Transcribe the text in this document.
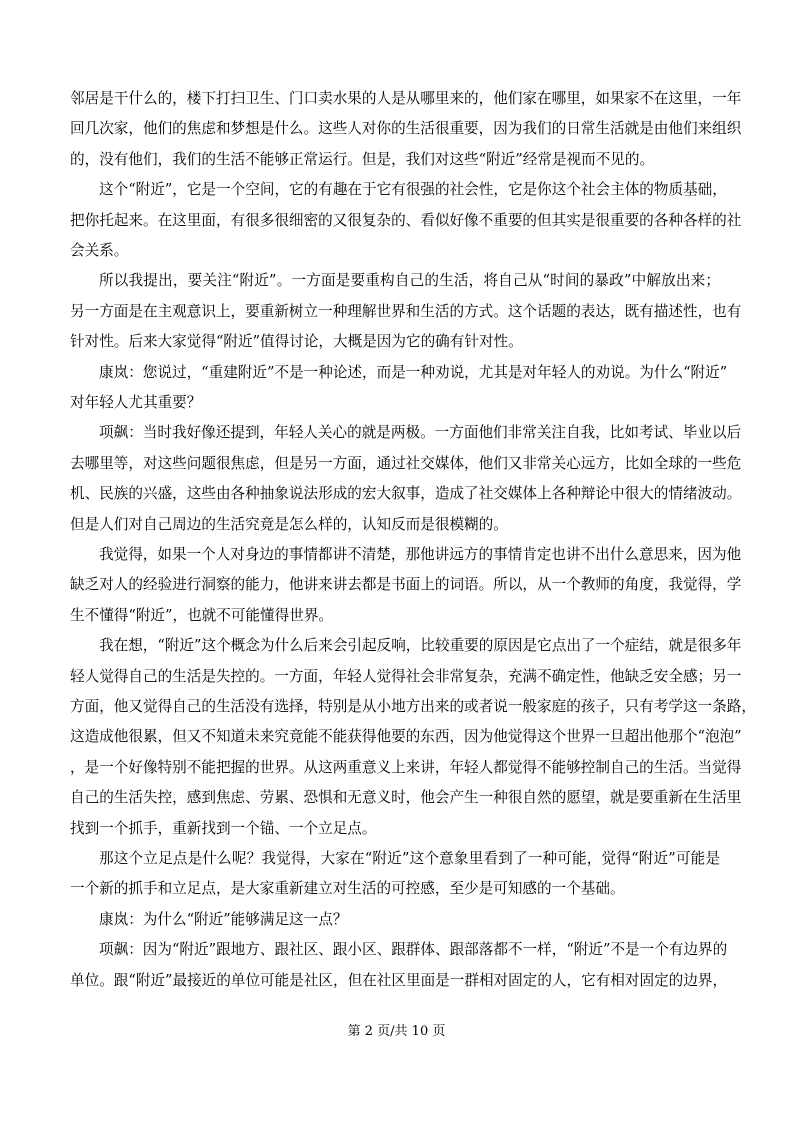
邻居是干什么的，楼下打扫卫生、门口卖水果的人是从哪里来的，他们家在哪里，如果家不在这里，一年
回几次家，他们的焦虑和梦想是什么。这些人对你的生活很重要，因为我们的日常生活就是由他们来组织
的，没有他们，我们的生活不能够正常运行。但是，我们对这些“附近”经常是视而不见的。
这个“附近”，它是一个空间，它的有趣在于它有很强的社会性，它是你这个社会主体的物质基础，
把你托起来。在这里面，有很多很细密的又很复杂的、看似好像不重要的但其实是很重要的各种各样的社
会关系。
所以我提出，要关注“附近”。一方面是要重构自己的生活，将自己从“时间的暴政”中解放出来；
另一方面是在主观意识上，要重新树立一种理解世界和生活的方式。这个话题的表达，既有描述性，也有
针对性。后来大家觉得“附近”值得讨论，大概是因为它的确有针对性。
康岚：您说过，“重建附近”不是一种论述，而是一种劝说，尤其是对年轻人的劝说。为什么“附近”
对年轻人尤其重要？
项飙：当时我好像还提到，年轻人关心的就是两极。一方面他们非常关注自我，比如考试、毕业以后
去哪里等，对这些问题很焦虑，但是另一方面，通过社交媒体，他们又非常关心远方，比如全球的一些危
机、民族的兴盛，这些由各种抽象说法形成的宏大叙事，造成了社交媒体上各种辩论中很大的情绪波动。
但是人们对自己周边的生活究竟是怎么样的，认知反而是很模糊的。
我觉得，如果一个人对身边的事情都讲不清楚，那他讲远方的事情肯定也讲不出什么意思来，因为他
缺乏对人的经验进行洞察的能力，他讲来讲去都是书面上的词语。所以，从一个教师的角度，我觉得，学
生不懂得“附近”，也就不可能懂得世界。
我在想，“附近”这个概念为什么后来会引起反响，比较重要的原因是它点出了一个症结，就是很多年
轻人觉得自己的生活是失控的。一方面，年轻人觉得社会非常复杂，充满不确定性，他缺乏安全感；另一
方面，他又觉得自己的生活没有选择，特别是从小地方出来的或者说一般家庭的孩子，只有考学这一条路，
这造成他很累，但又不知道未来究竟能不能获得他要的东西，因为他觉得这个世界一旦超出他那个“泡泡”
，是一个好像特别不能把握的世界。从这两重意义上来讲，年轻人都觉得不能够控制自己的生活。当觉得
自己的生活失控，感到焦虑、劳累、恐惧和无意义时，他会产生一种很自然的愿望，就是要重新在生活里
找到一个抓手，重新找到一个锚、一个立足点。
那这个立足点是什么呢？我觉得，大家在“附近”这个意象里看到了一种可能，觉得“附近”可能是
一个新的抓手和立足点，是大家重新建立对生活的可控感，至少是可知感的一个基础。
康岚：为什么“附近”能够满足这一点？
项飙：因为“附近”跟地方、跟社区、跟小区、跟群体、跟部落都不一样，“附近”不是一个有边界的
单位。跟“附近”最接近的单位可能是社区，但在社区里面是一群相对固定的人，它有相对固定的边界，
第 2 页/共 10 页
